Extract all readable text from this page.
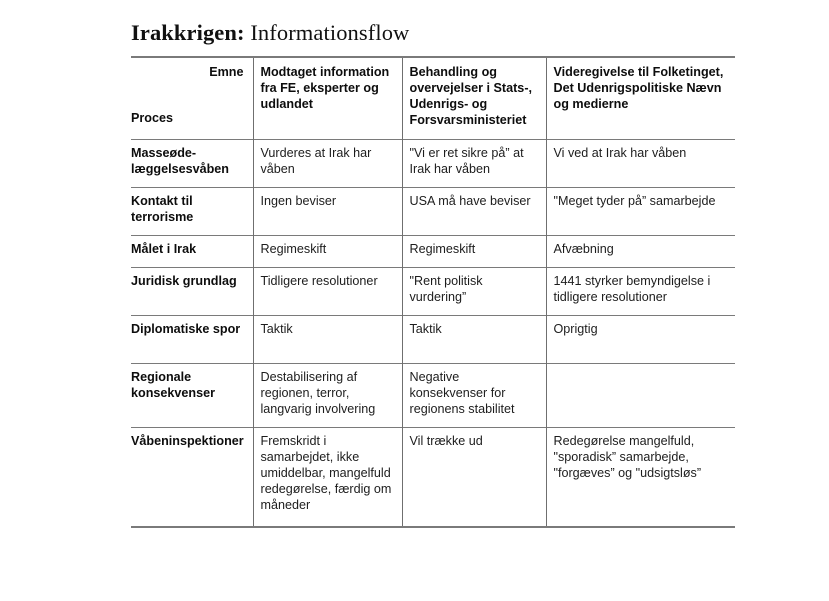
Irakkrigen: Informationsflow
Emne
Proces	Modtaget information fra FE, eksperter og udlandet	Behandling og overvejelser i Stats-, Udenrigs- og Forsvarsministeriet	Videregivelse til Folketinget, Det Udenrigspolitiske Nævn og medierne
Masseødelæggelsesvåben	Vurderes at Irak har våben	"Vi er ret sikre på” at Irak har våben	Vi ved at Irak har våben
Kontakt til terrorisme	Ingen beviser	USA må have beviser	"Meget tyder på” samarbejde
Målet i Irak	Regimeskift	Regimeskift	Afvæbning
Juridisk grundlag	Tidligere resolutioner	"Rent politisk vurdering”	1441 styrker bemyndigelse i tidligere resolutioner
Diplomatiske spor	Taktik	Taktik	Oprigtig
Regionale konsekvenser	Destabilisering af regionen, terror, langvarig involvering	Negative konsekvenser for regionens stabilitet	
Våbeninspektioner	Fremskridt i samarbejdet, ikke umiddelbar, mangelfuld redegørelse, færdig om måneder	Vil trække ud	Redegørelse mangelfuld, "sporadisk” samarbejde, "forgæves” og "udsigtsløs”
